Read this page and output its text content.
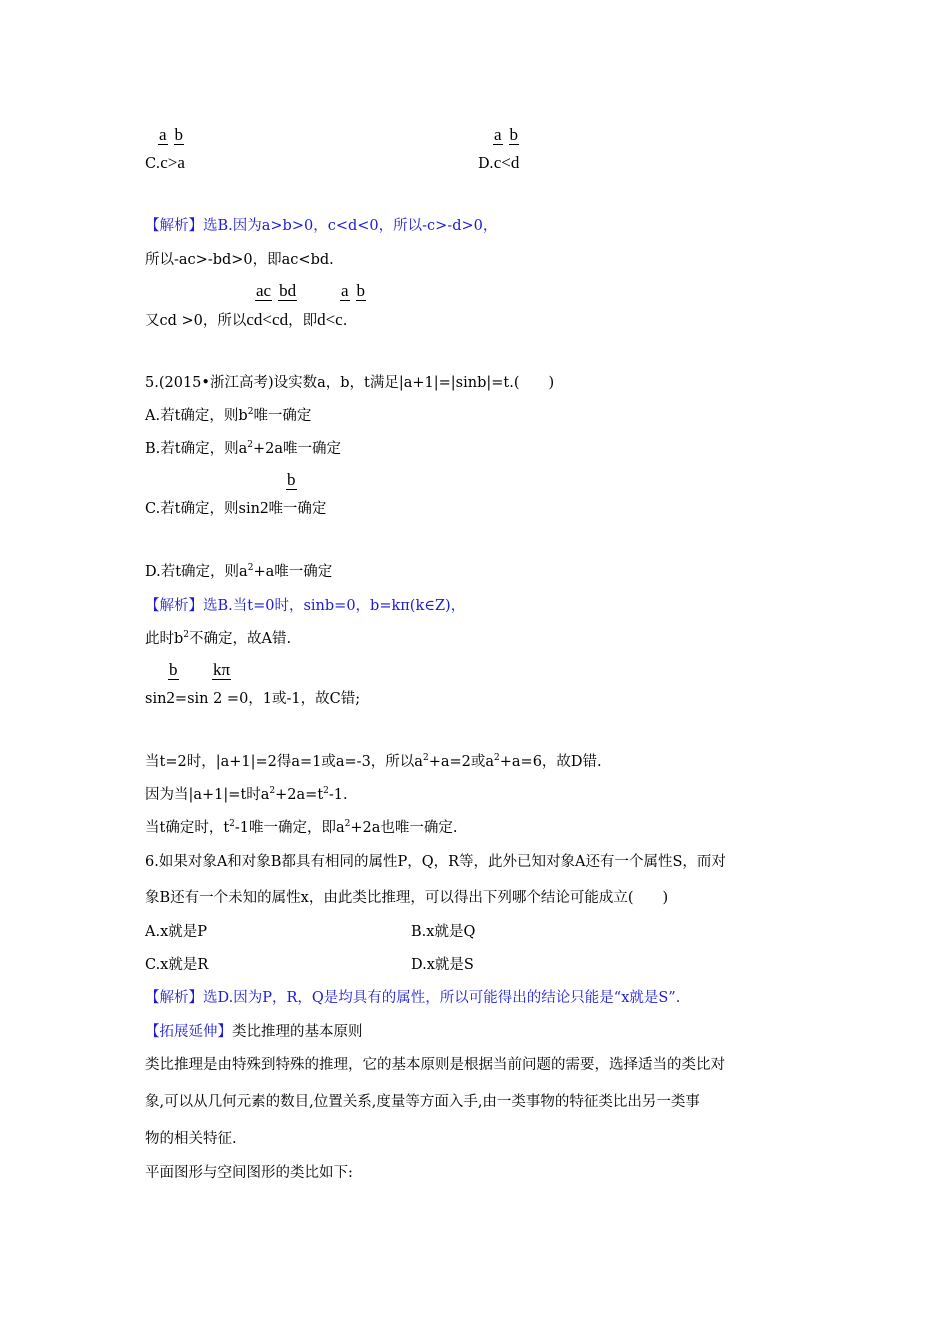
a b
C.c>a
a b
D.c<d
【解析】选B.因为a>b>0，c<d<0，所以-c>-d>0，
所以-ac>-bd>0，即ac<bd.
ac bd	a b
又cd >0，所以cd<cd，即d<c.
5.(2015•浙江高考)设实数a，b，t满足|a+1|=|sinb|=t.(　　)
A.若t确定，则$b^2$唯一确定
B.若t确定，则$a^2+2a$唯一确定
b
C.若t确定，则sin2唯一确定
D.若t确定，则$a^2+a$唯一确定
【解析】选B.当t=0时，sinb=0，b=kπ(k∈Z)，
此时$b^2$不确定，故A错.
b	kπ
sin2=sin 2 =0，1或-1，故C错;
当t=2时，|a+1|=2得a=1或a=-3，所以$a^2+a=2$或$a^2+a=6$，故D错.
因为当|a+1|=t时$a^2+2a=t^2-1$.
当t确定时，$t^2-1$唯一确定，即$a^2+2a$也唯一确定.
6.如果对象A和对象B都具有相同的属性P，Q，R等，此外已知对象A还有一个属性S，而对
象B还有一个未知的属性x，由此类比推理，可以得出下列哪个结论可能成立(　　)
A.x就是P	B.x就是Q
C.x就是R	D.x就是S
【解析】选D.因为P，R，Q是均具有的属性，所以可能得出的结论只能是“x就是S”.
【拓展延伸】类比推理的基本原则
类比推理是由特殊到特殊的推理，它的基本原则是根据当前问题的需要，选择适当的类比对
象,可以从几何元素的数目,位置关系,度量等方面入手,由一类事物的特征类比出另一类事
物的相关特征.
平面图形与空间图形的类比如下:
